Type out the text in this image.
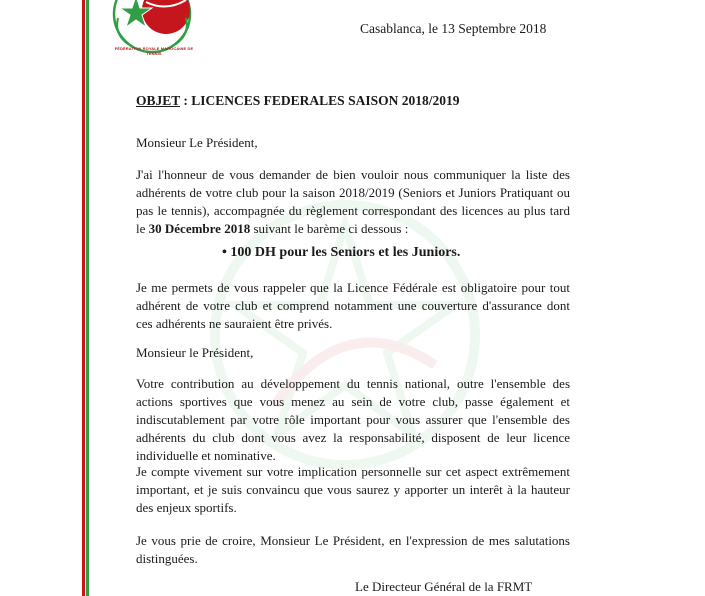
FÉDÉRATION ROYALE MAROCAINE DE TENNIS
Casablanca, le 13 Septembre 2018
OBJET : LICENCES FEDERALES SAISON 2018/2019
Monsieur Le Président,

J'ai l'honneur de vous demander de bien vouloir nous communiquer la liste des adhérents de votre club pour la saison 2018/2019 (Seniors et Juniors Pratiquant ou pas le tennis), accompagnée du règlement correspondant des licences au plus tard le 30 Décembre 2018 suivant le barème ci dessous :

• 100 DH pour les Seniors et les Juniors.

Je me permets de vous rappeler que la Licence Fédérale est obligatoire pour tout adhérent de votre club et comprend notamment une couverture d'assurance dont ces adhérents ne sauraient être privés.

Monsieur le Président,

Votre contribution au développement du tennis national, outre l'ensemble des actions sportives que vous menez au sein de votre club, passe également et indiscutablement par votre rôle important pour vous assurer que l'ensemble des adhérents du club dont vous avez la responsabilité, disposent de leur licence individuelle et nominative.

Je compte vivement sur votre implication personnelle sur cet aspect extrêmement important, et je suis convaincu que vous saurez y apporter un interêt à la hauteur des enjeux sportifs.

Je vous prie de croire, Monsieur Le Président, en l'expression de mes salutations distinguées.

Le Directeur Général de la FRMT
